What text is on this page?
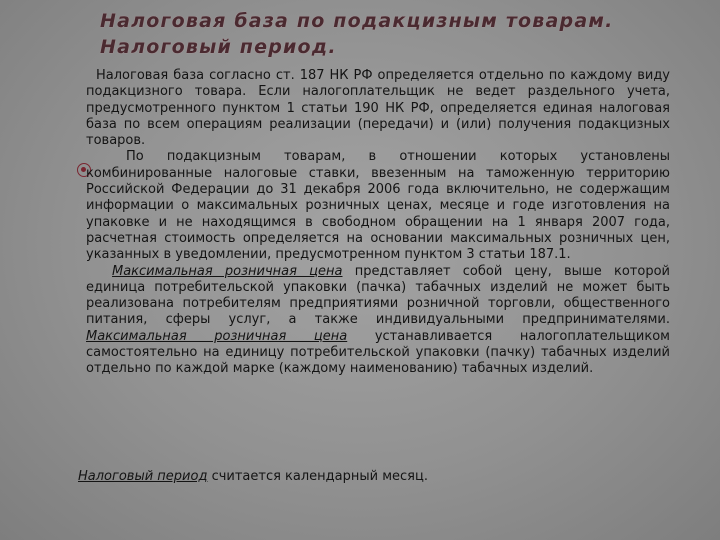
Налоговая база по подакцизным товарам.
Налоговый период.

Налоговая база согласно ст. 187 НК РФ определяется отдельно по каждому виду подакцизного товара. Если налогоплательщик не ведет раздельного учета, предусмотренного пунктом 1 статьи 190 НК РФ, определяется единая налоговая база по всем операциям реализации (передачи) и (или) получения подакцизных товаров.

По подакцизным товарам, в отношении которых установлены комбинированные налоговые ставки, ввезенным на таможенную территорию Российской Федерации до 31 декабря 2006 года включительно, не содержащим информации о максимальных розничных ценах, месяце и годе изготовления на упаковке и не находящимся в свободном обращении на 1 января 2007 года, расчетная стоимость определяется на основании максимальных розничных цен, указанных в уведомлении, предусмотренном пунктом 3 статьи 187.1.

Максимальная розничная цена представляет собой цену, выше которой единица потребительской упаковки (пачка) табачных изделий не может быть реализована потребителям предприятиями розничной торговли, общественного питания, сферы услуг, а также индивидуальными предпринимателями. Максимальная розничная цена устанавливается налогоплательщиком самостоятельно на единицу потребительской упаковки (пачку) табачных изделий отдельно по каждой марке (каждому наименованию) табачных изделий.

Налоговый период считается календарный месяц.
